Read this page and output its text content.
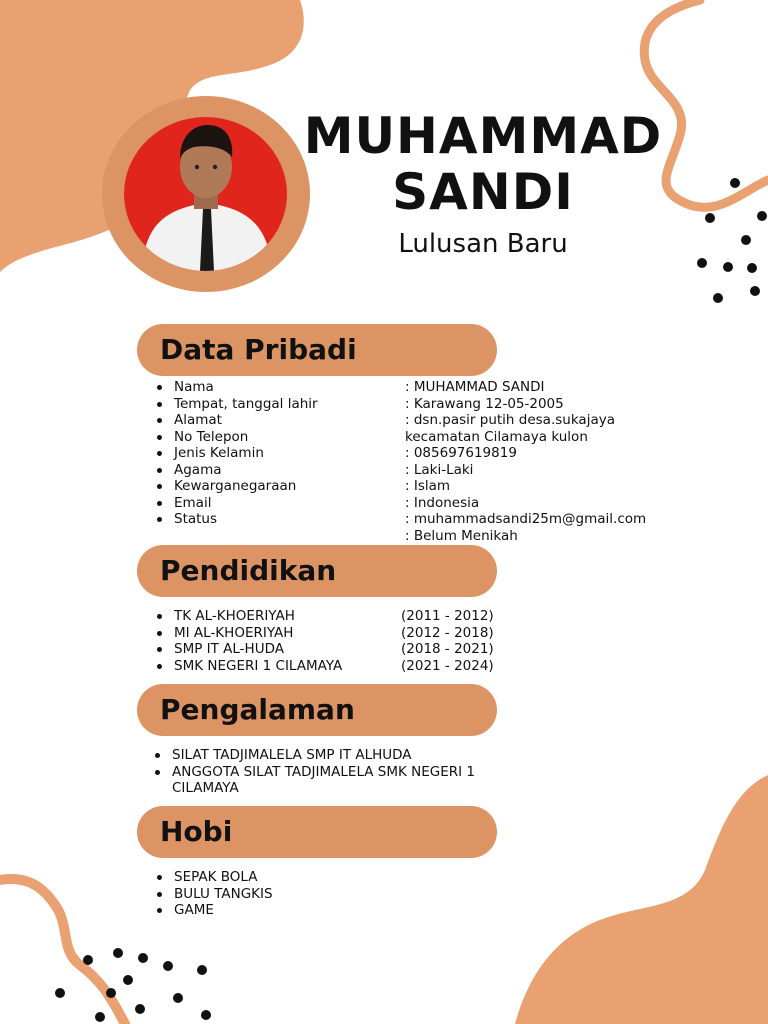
MUHAMMAD
SANDI
Lulusan Baru
Data Pribadi
Nama
Tempat, tanggal lahir
Alamat
No Telepon
Jenis Kelamin
Agama
Kewarganegaraan
Email
Status
: MUHAMMAD SANDI
: Karawang 12-05-2005
: dsn.pasir putih desa.sukajaya
kecamatan Cilamaya kulon
: 085697619819
: Laki-Laki
: Islam
: Indonesia
: muhammadsandi25m@gmail.com
: Belum Menikah
Pendidikan
TK AL-KHOERIYAH
MI AL-KHOERIYAH
SMP IT AL-HUDA
SMK NEGERI 1 CILAMAYA
(2011 - 2012)
(2012 - 2018)
(2018 - 2021)
(2021 - 2024)
Pengalaman
SILAT TADJIMALELA SMP IT ALHUDA
ANGGOTA SILAT TADJIMALELA SMK NEGERI 1 CILAMAYA
Hobi
SEPAK BOLA
BULU TANGKIS
GAME
